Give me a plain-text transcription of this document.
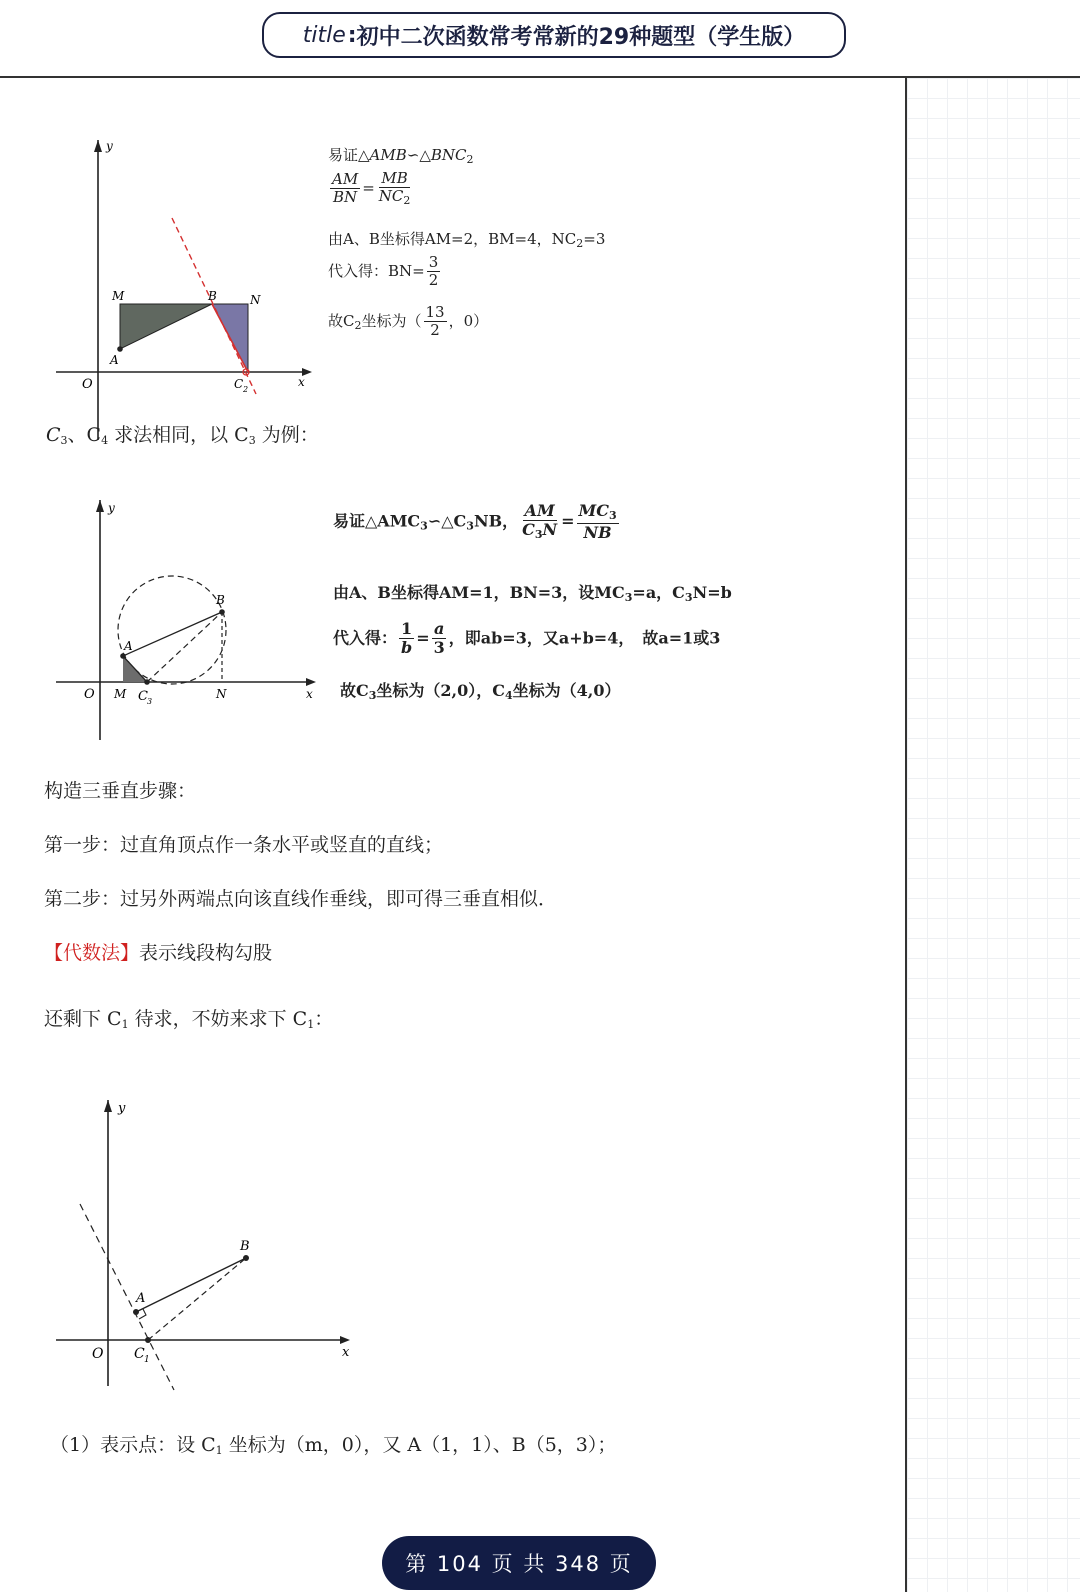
title : 初中二次函数常考常新的29种题型（学生版）
y
x
O
M	B	N
A
C 2
易证$\triangle AMB∽\triangle BNC_2$
$\frac{AM}{BN} = \frac{MB}{NC_2}$
由A、B坐标得AM=2，BM=4，$NC_2=3$
代入得：$BN= \frac{3}{2}$
故$C_2$坐标为（ $\frac{13}{2}$ ，0）
$C_3$、$C_4$ 求法相同，以 $C_3$ 为例：
y
x
O M C 3
N
A
B
易证$\triangle AMC_3∽\triangle C_3NB$， $\frac{AM}{C_3N} = \frac{MC_3}{NB}$
由A、B坐标得AM=1，BN=3，设$MC_3=a$，$C_3N=b$
代入得： $\frac{1}{b} = \frac{a}{3}$ ，即ab=3，又a+b=4，　故a=1或3
故$C_3$坐标为（2,0），$C_4$坐标为（4,0）
构造三垂直步骤：
第一步：过直角顶点作一条水平或竖直的直线；
第二步：过另外两端点向该直线作垂线，即可得三垂直相似．
【代数法】表示线段构勾股
还剩下 $C_1$ 待求，不妨来求下 $C_1$：
y
x
O
A
B
C 1
（1）表示点：设 $C_1$ 坐标为（m，0），又 A（1，1）、B（5，3）；
第 104 页 共 348 页
